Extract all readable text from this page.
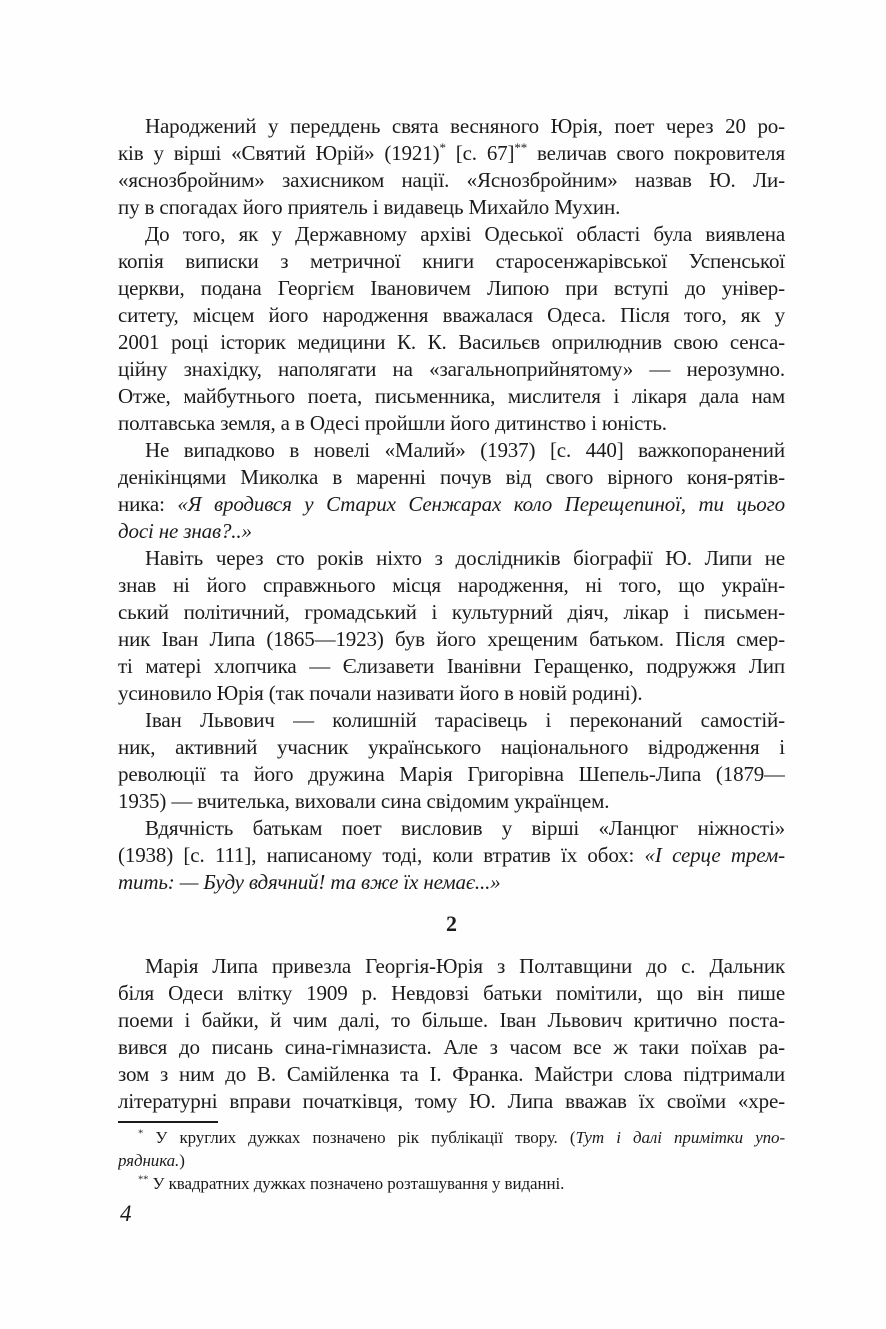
Народжений у переддень свята весняного Юрія, поет через 20 ро-
ків у вірші «Святий Юрій» (1921)* [с. 67]** величав свого покровителя
«яснозбройним» захисником нації. «Яснозбройним» назвав Ю. Ли-
пу в спогадах його приятель і видавець Михайло Мухин.
До того, як у Державному архіві Одеської області була виявлена
копія виписки з метричної книги старосенжарівської Успенської
церкви, подана Георгієм Івановичем Липою при вступі до універ-
ситету, місцем його народження вважалася Одеса. Після того, як у
2001 році історик медицини К. К. Васильєв оприлюднив свою сенса-
ційну знахідку, наполягати на «загальноприйнятому» — нерозумно.
Отже, майбутнього поета, письменника, мислителя і лікаря дала нам
полтавська земля, а в Одесі пройшли його дитинство і юність.
Не випадково в новелі «Малий» (1937) [с. 440] важкопоранений
денікінцями Миколка в маренні почув від свого вірного коня-рятів-
ника: «Я вродився у Старих Сенжарах коло Перещепиної, ти цього
досі не знав?..»
Навіть через сто років ніхто з дослідників біографії Ю. Липи не
знав ні його справжнього місця народження, ні того, що україн-
ський політичний, громадський і культурний діяч, лікар і письмен-
ник Іван Липа (1865—1923) був його хрещеним батьком. Після смер-
ті матері хлопчика — Єлизавети Іванівни Геращенко, подружжя Лип
усиновило Юрія (так почали називати його в новій родині).
Іван Львович — колишній тарасівець і переконаний самостій-
ник, активний учасник українського національного відродження і
революції та його дружина Марія Григорівна Шепель-Липа (1879—
1935) — вчителька, виховали сина свідомим українцем.
Вдячність батькам поет висловив у вірші «Ланцюг ніжності»
(1938) [с. 111], написаному тоді, коли втратив їх обох: «І серце трем-
тить: — Буду вдячний! та вже їх немає...»
2
Марія Липа привезла Георгія-Юрія з Полтавщини до с. Дальник
біля Одеси влітку 1909 р. Невдовзі батьки помітили, що він пише
поеми і байки, й чим далі, то більше. Іван Львович критично поста-
вився до писань сина-гімназиста. Але з часом все ж таки поїхав ра-
зом з ним до В. Самійленка та І. Франка. Майстри слова підтримали
літературні вправи початківця, тому Ю. Липа вважав їх своїми «хре-
* У круглих дужках позначено рік публікації твору. (Тут і далі примітки упо-
рядника.)
** У квадратних дужках позначено розташування у виданні.
4
